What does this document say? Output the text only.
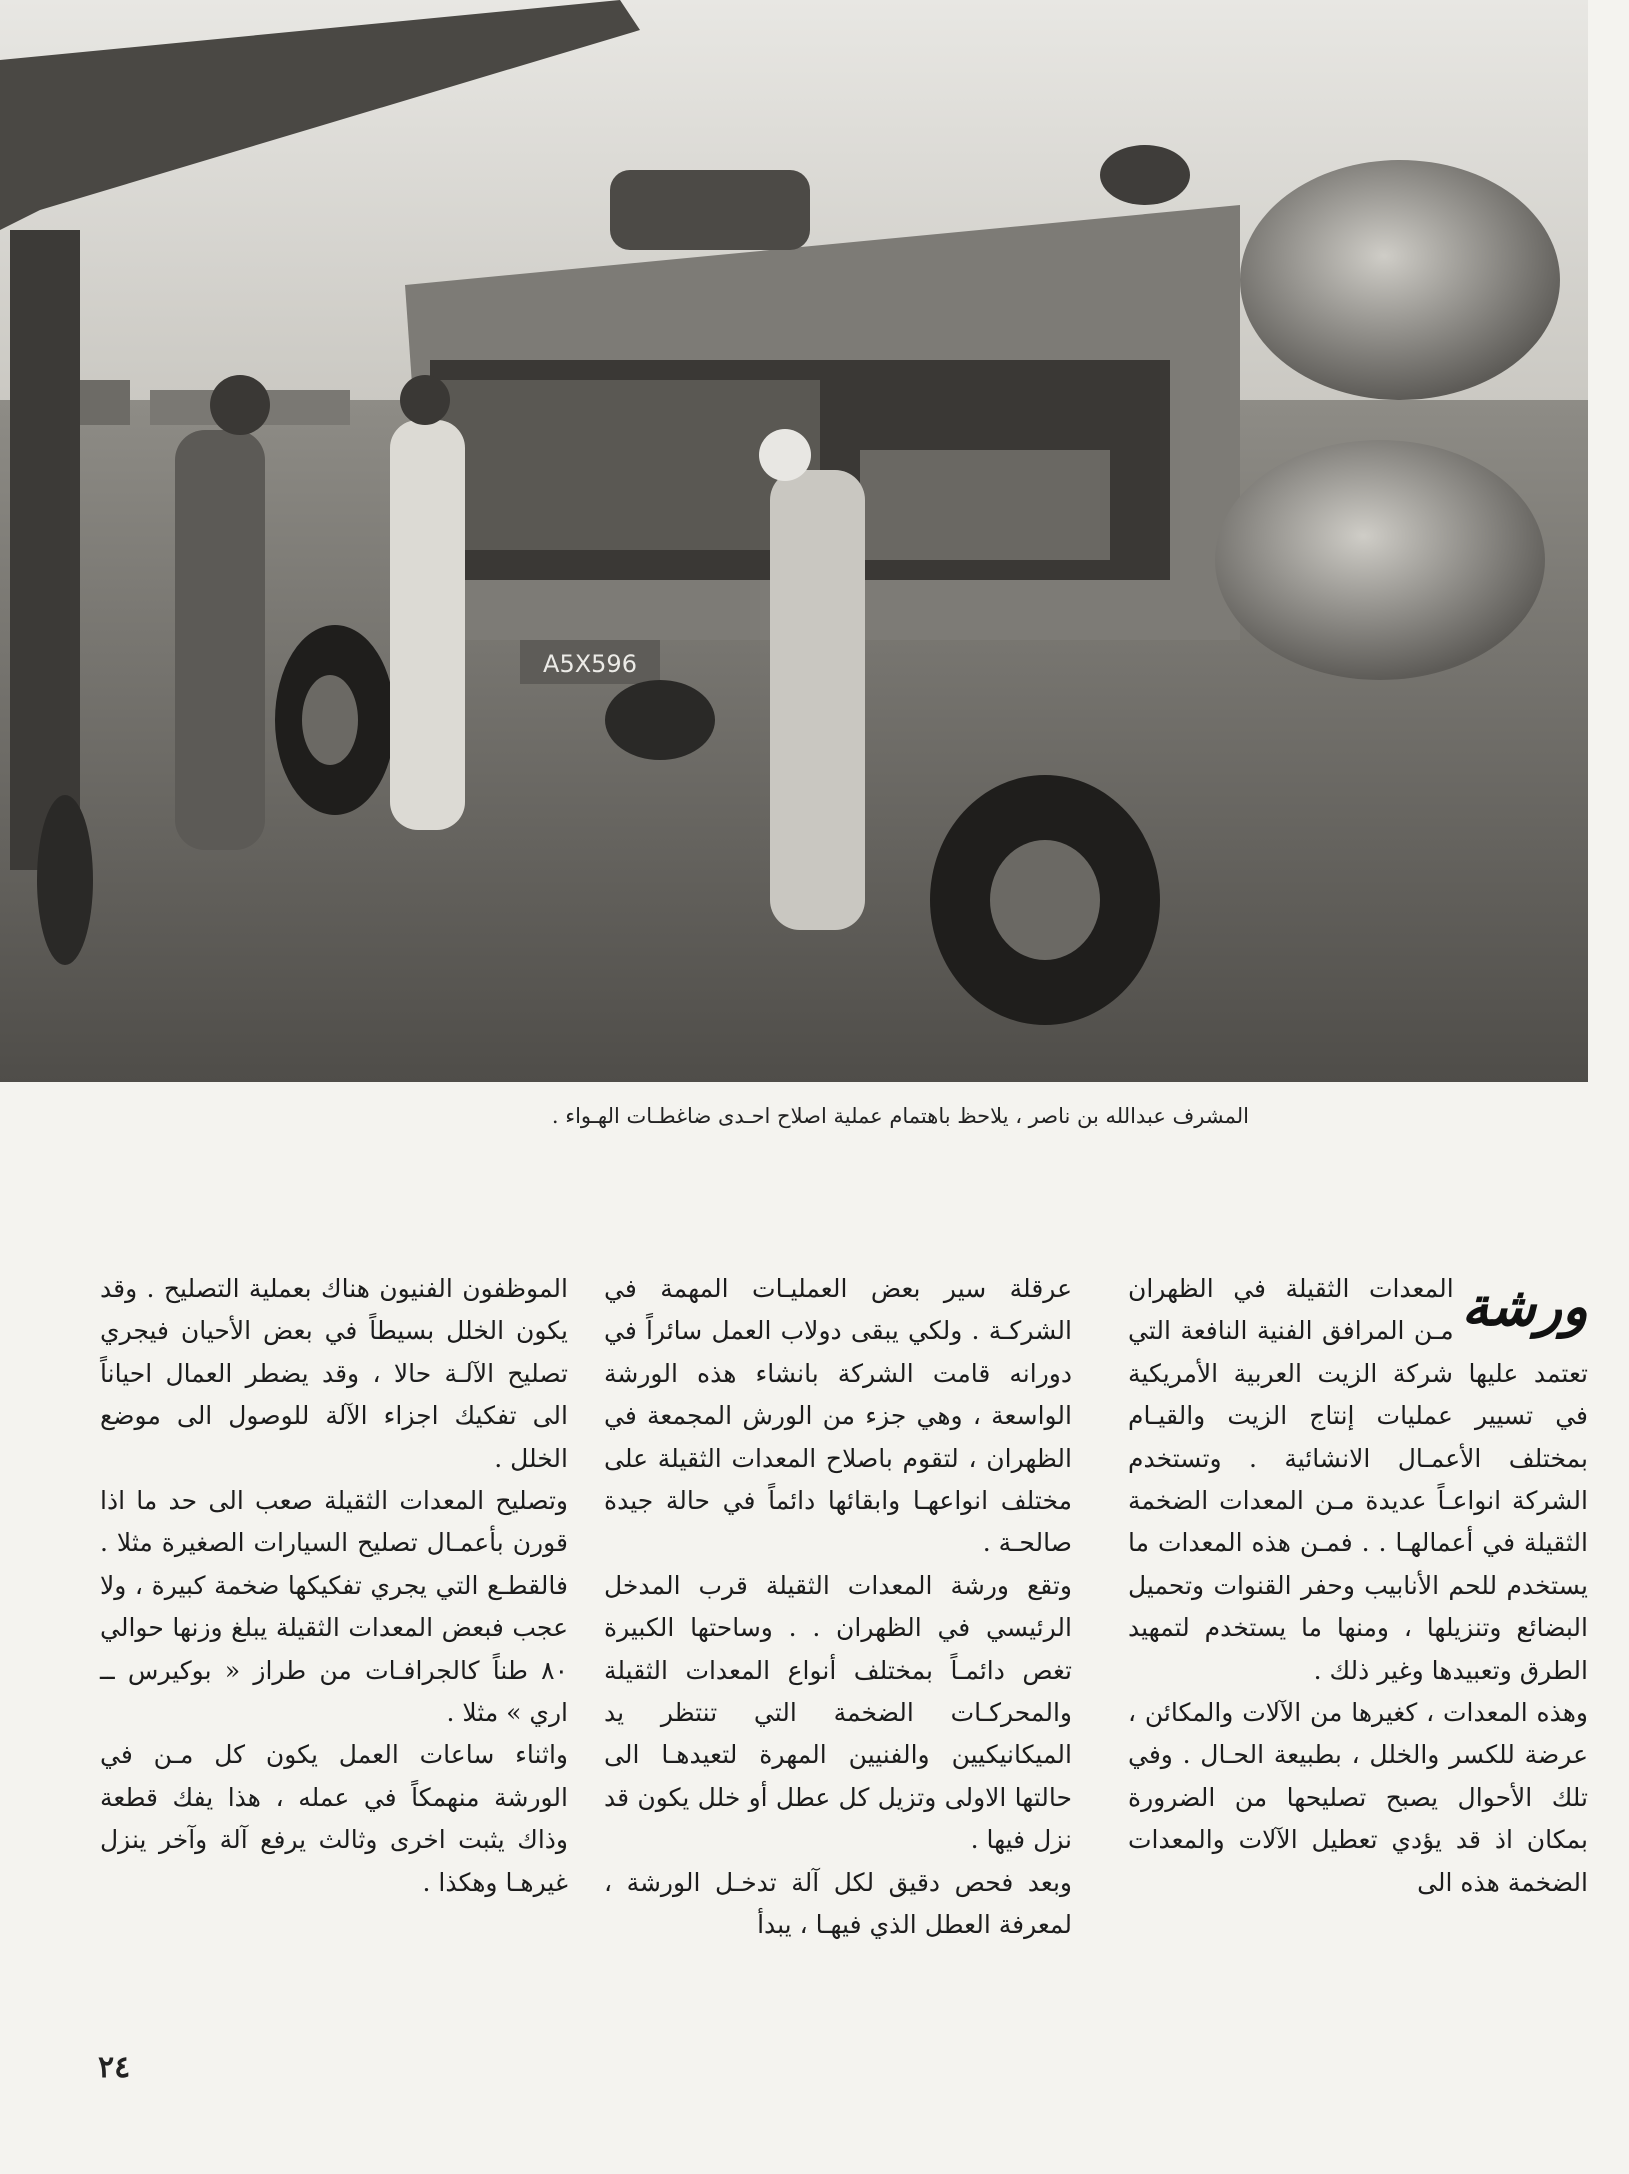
A5X596
المشرف عبدالله بن ناصر ، يلاحظ باهتمام عملية اصلاح احـدى ضاغطـات الهـواء .

ورشة
المعدات الثقيلة في الظهران مـن المرافق الفنية النافعة التي تعتمد عليها شركة الزيت العربية الأمريكية في تسيير عمليات إنتاج الزيت والقيـام بمختلف الأعمـال الانشائية . وتستخدم الشركة انواعـاً عديدة مـن المعدات الضخمة الثقيلة في أعمالهـا . . فمـن هذه المعدات ما يستخدم للحم الأنابيب وحفر القنوات وتحميل البضائع وتنزيلها ، ومنها ما يستخدم لتمهيد الطرق وتعبيدها وغير ذلك .

وهذه المعدات ، كغيرها من الآلات والمكائن ، عرضة للكسر والخلل ، بطبيعة الحـال . وفي تلك الأحوال يصبح تصليحها من الضرورة بمكان اذ قد يؤدي تعطيل الآلات والمعدات الضخمة هذه الى

عرقلة سير بعض العمليـات المهمة في الشركـة . ولكي يبقى دولاب العمل سائراً في دورانه قامت الشركة بانشاء هذه الورشة الواسعة ، وهي جزء من الورش المجمعة في الظهران ، لتقوم باصلاح المعدات الثقيلة على مختلف انواعهـا وابقائها دائماً في حالة جيدة صالحـة .

وتقع ورشة المعدات الثقيلة قرب المدخل الرئيسي في الظهران . . وساحتها الكبيرة تغص دائمـاً بمختلف أنواع المعدات الثقيلة والمحركـات الضخمة التي تنتظر يد الميكانيكيين والفنيين المهرة لتعيدهـا الى حالتها الاولى وتزيل كل عطل أو خلل يكون قد نزل فيها .

وبعد فحص دقيق لكل آلة تدخـل الورشة ، لمعرفة العطل الذي فيهـا ، يبدأ

الموظفون الفنيون هناك بعملية التصليح . وقد يكون الخلل بسيطاً في بعض الأحيان فيجري تصليح الآلـة حالا ، وقد يضطر العمال احياناً الى تفكيك اجزاء الآلة للوصول الى موضع الخلل .

وتصليح المعدات الثقيلة صعب الى حد ما اذا قورن بأعمـال تصليح السيارات الصغيرة مثلا . فالقطـع التي يجري تفكيكها ضخمة كبيرة ، ولا عجب فبعض المعدات الثقيلة يبلغ وزنها حوالي ٨٠ طناً كالجرافـات من طراز « بوكيرس ــ اري » مثلا .

واثناء ساعات العمل يكون كل مـن في الورشة منهمكاً في عمله ، هذا يفك قطعة وذاك يثبت اخرى وثالث يرفع آلة وآخر ينزل غيرهـا وهكذا .

٢٤
